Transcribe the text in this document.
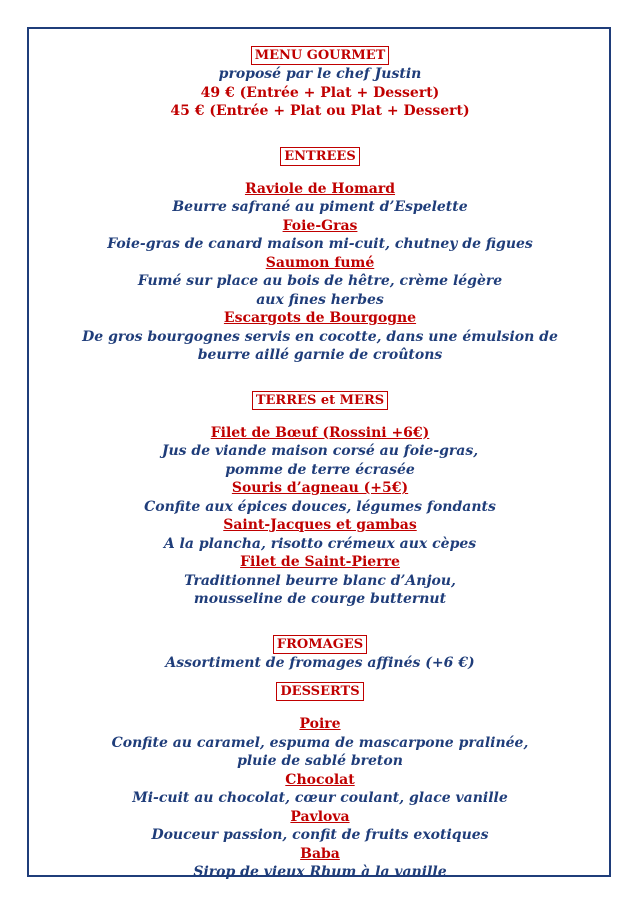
MENU GOURMET
proposé par le chef Justin
49 € (Entrée + Plat + Dessert)
45 € (Entrée + Plat ou Plat + Dessert)
ENTREES
Raviole de Homard
Beurre safrané au piment d’Espelette
Foie-Gras
Foie-gras de canard maison mi-cuit, chutney de figues
Saumon fumé
Fumé sur place au bois de hêtre, crème légère
aux fines herbes
Escargots de Bourgogne
De gros bourgognes servis en cocotte, dans une émulsion de
beurre aillé garnie de croûtons
TERRES et MERS
Filet de Bœuf (Rossini +6€)
Jus de viande maison corsé au foie-gras,
pomme de terre écrasée
Souris d’agneau (+5€)
Confite aux épices douces, légumes fondants
Saint-Jacques et gambas
A la plancha, risotto crémeux aux cèpes
Filet de Saint-Pierre
Traditionnel beurre blanc d’Anjou,
mousseline de courge butternut
FROMAGES
Assortiment de fromages affinés (+6 €)
DESSERTS
Poire
Confite au caramel, espuma de mascarpone pralinée,
pluie de sablé breton
Chocolat
Mi-cuit au chocolat, cœur coulant, glace vanille
Pavlova
Douceur passion, confit de fruits exotiques
Baba
Sirop de vieux Rhum à la vanille
